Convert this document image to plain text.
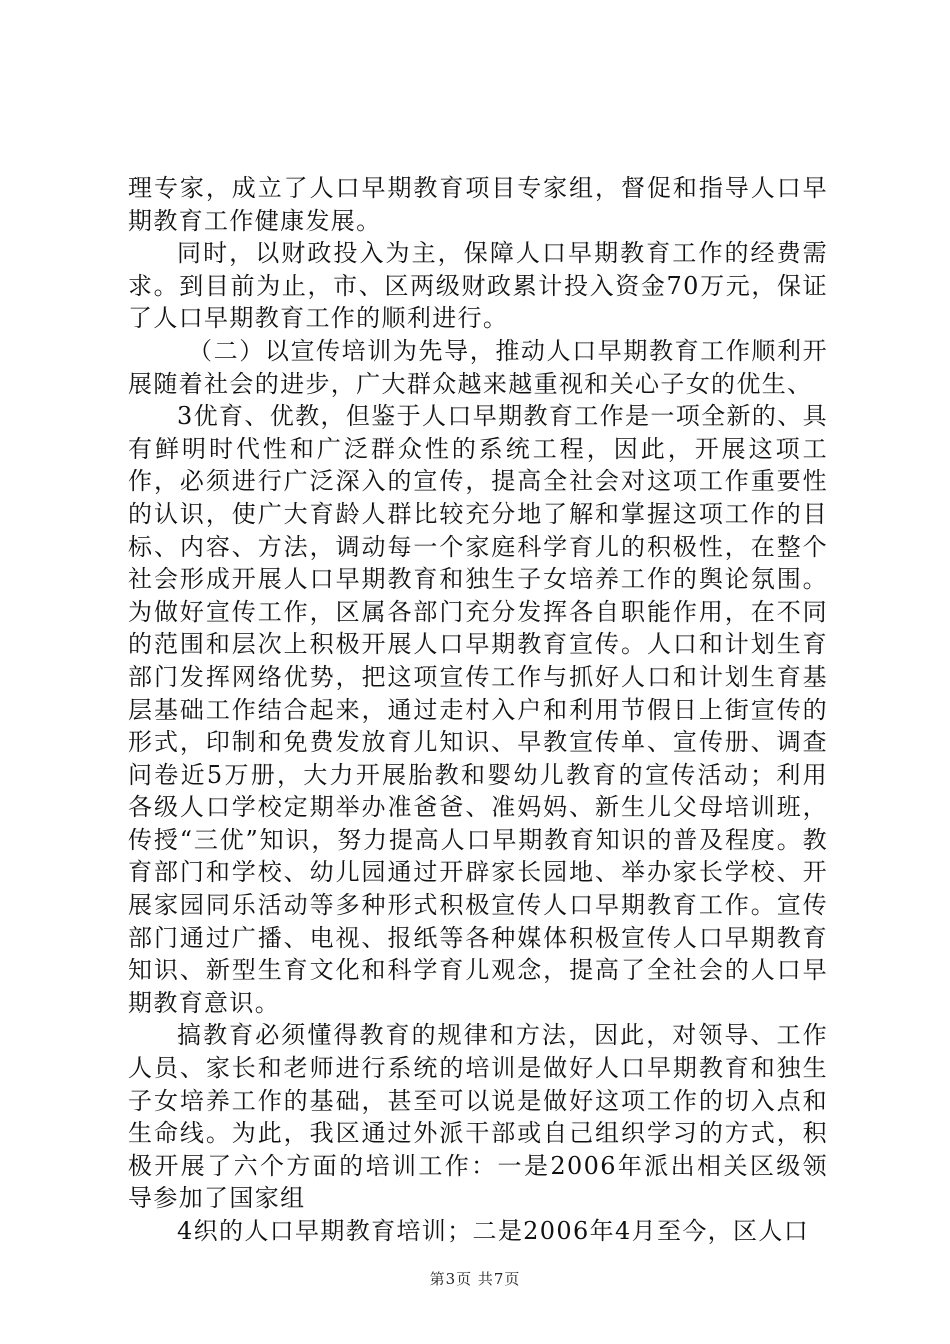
理专家，成立了人口早期教育项目专家组，督促和指导人口早期教育工作健康发展。

同时，以财政投入为主，保障人口早期教育工作的经费需求。到目前为止，市、区两级财政累计投入资金70万元，保证了人口早期教育工作的顺利进行。

（二）以宣传培训为先导，推动人口早期教育工作顺利开展随着社会的进步，广大群众越来越重视和关心子女的优生、

3优育、优教，但鉴于人口早期教育工作是一项全新的、具有鲜明时代性和广泛群众性的系统工程，因此，开展这项工作，必须进行广泛深入的宣传，提高全社会对这项工作重要性的认识，使广大育龄人群比较充分地了解和掌握这项工作的目标、内容、方法，调动每一个家庭科学育儿的积极性，在整个社会形成开展人口早期教育和独生子女培养工作的舆论氛围。为做好宣传工作，区属各部门充分发挥各自职能作用，在不同的范围和层次上积极开展人口早期教育宣传。人口和计划生育部门发挥网络优势，把这项宣传工作与抓好人口和计划生育基层基础工作结合起来，通过走村入户和利用节假日上街宣传的形式，印制和免费发放育儿知识、早教宣传单、宣传册、调查问卷近5万册，大力开展胎教和婴幼儿教育的宣传活动；利用各级人口学校定期举办准爸爸、准妈妈、新生儿父母培训班，传授“三优”知识，努力提高人口早期教育知识的普及程度。教育部门和学校、幼儿园通过开辟家长园地、举办家长学校、开展家园同乐活动等多种形式积极宣传人口早期教育工作。宣传部门通过广播、电视、报纸等各种媒体积极宣传人口早期教育知识、新型生育文化和科学育儿观念，提高了全社会的人口早期教育意识。

搞教育必须懂得教育的规律和方法，因此，对领导、工作人员、家长和老师进行系统的培训是做好人口早期教育和独生子女培养工作的基础，甚至可以说是做好这项工作的切入点和生命线。为此，我区通过外派干部或自己组织学习的方式，积极开展了六个方面的培训工作：一是2006年派出相关区级领导参加了国家组

4织的人口早期教育培训；二是2006年4月至今，区人口

第3页 共7页
